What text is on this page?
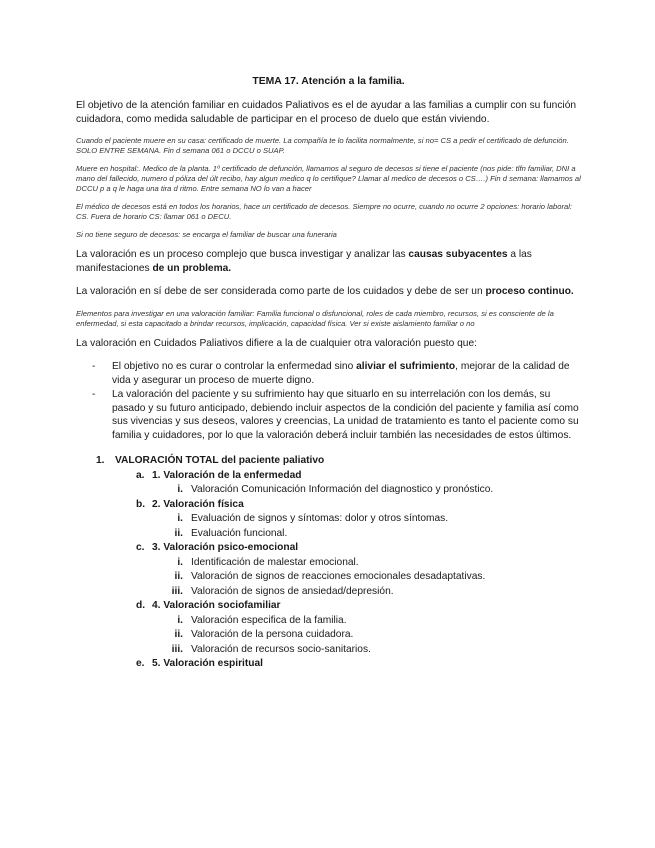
TEMA 17. Atención a la familia.

El objetivo de la atención familiar en cuidados Paliativos es el de ayudar a las familias a cumplir con su función cuidadora, como medida saludable de participar en el proceso de duelo que están viviendo.

Cuando el paciente muere en su casa: certificado de muerte. La compañía te lo facilita normalmente, si no= CS a pedir el certificado de defunción. SOLO ENTRE SEMANA. Fin d semana 061 o DCCU o SUAP.

Muere en hospital:. Medico de la planta. 1º certificado de defunción, llamamos al seguro de decesos si tiene el paciente (nos pide: tlfn familiar, DNI a mano del fallecido, numero d póliza del últ recibo, hay algun medico q lo certifique? Llamar al medico de decesos o CS….) Fin d semana: llamamos al DCCU p a q le haga una tira d ritmo. Entre semana NO lo van a hacer

El médico de decesos está en todos los horarios, hace un certificado de decesos. Siempre no ocurre, cuando no ocurre 2 opciones: horario laboral: CS. Fuera de horario CS: llamar 061 o DECU.

Si no tiene seguro de decesos: se encarga el familiar de buscar una funeraria

La valoración es un proceso complejo que busca investigar y analizar las causas subyacentes a las manifestaciones de un problema.

La valoración en sí debe de ser considerada como parte de los cuidados y debe de ser un proceso continuo.

Elementos para investigar en una valoración familiar: Familia funcional o disfuncional, roles de cada miembro, recursos, si es consciente de la enfermedad, si esta capacitado a brindar recursos, implicación, capacidad física. Ver si existe aislamiento familiar o no

La valoración en Cuidados Paliativos difiere a la de cualquier otra valoración puesto que:

- El objetivo no es curar o controlar la enfermedad sino aliviar el sufrimiento, mejorar de la calidad de vida y asegurar un proceso de muerte digno.
- La valoración del paciente y su sufrimiento hay que situarlo en su interrelación con los demás, su pasado y su futuro anticipado, debiendo incluir aspectos de la condición del paciente y familia así como sus vivencias y sus deseos, valores y creencias, La unidad de tratamiento es tanto el paciente como su familia y cuidadores, por lo que la valoración deberá incluir también las necesidades de estos últimos.
1. VALORACIÓN TOTAL del paciente paliativo
a. 1. Valoración de la enfermedad
i. Valoración Comunicación Información del diagnostico y pronóstico.
b. 2. Valoración física
i. Evaluación de signos y síntomas: dolor y otros síntomas.
ii. Evaluación funcional.
c. 3. Valoración psico-emocional
i. Identificación de malestar emocional.
ii. Valoración de signos de reacciones emocionales desadaptativas.
iii. Valoración de signos de ansiedad/depresión.
d. 4. Valoración sociofamiliar
i. Valoración especifica de la familia.
ii. Valoración de la persona cuidadora.
iii. Valoración de recursos socio-sanitarios.
e. 5. Valoración espiritual
